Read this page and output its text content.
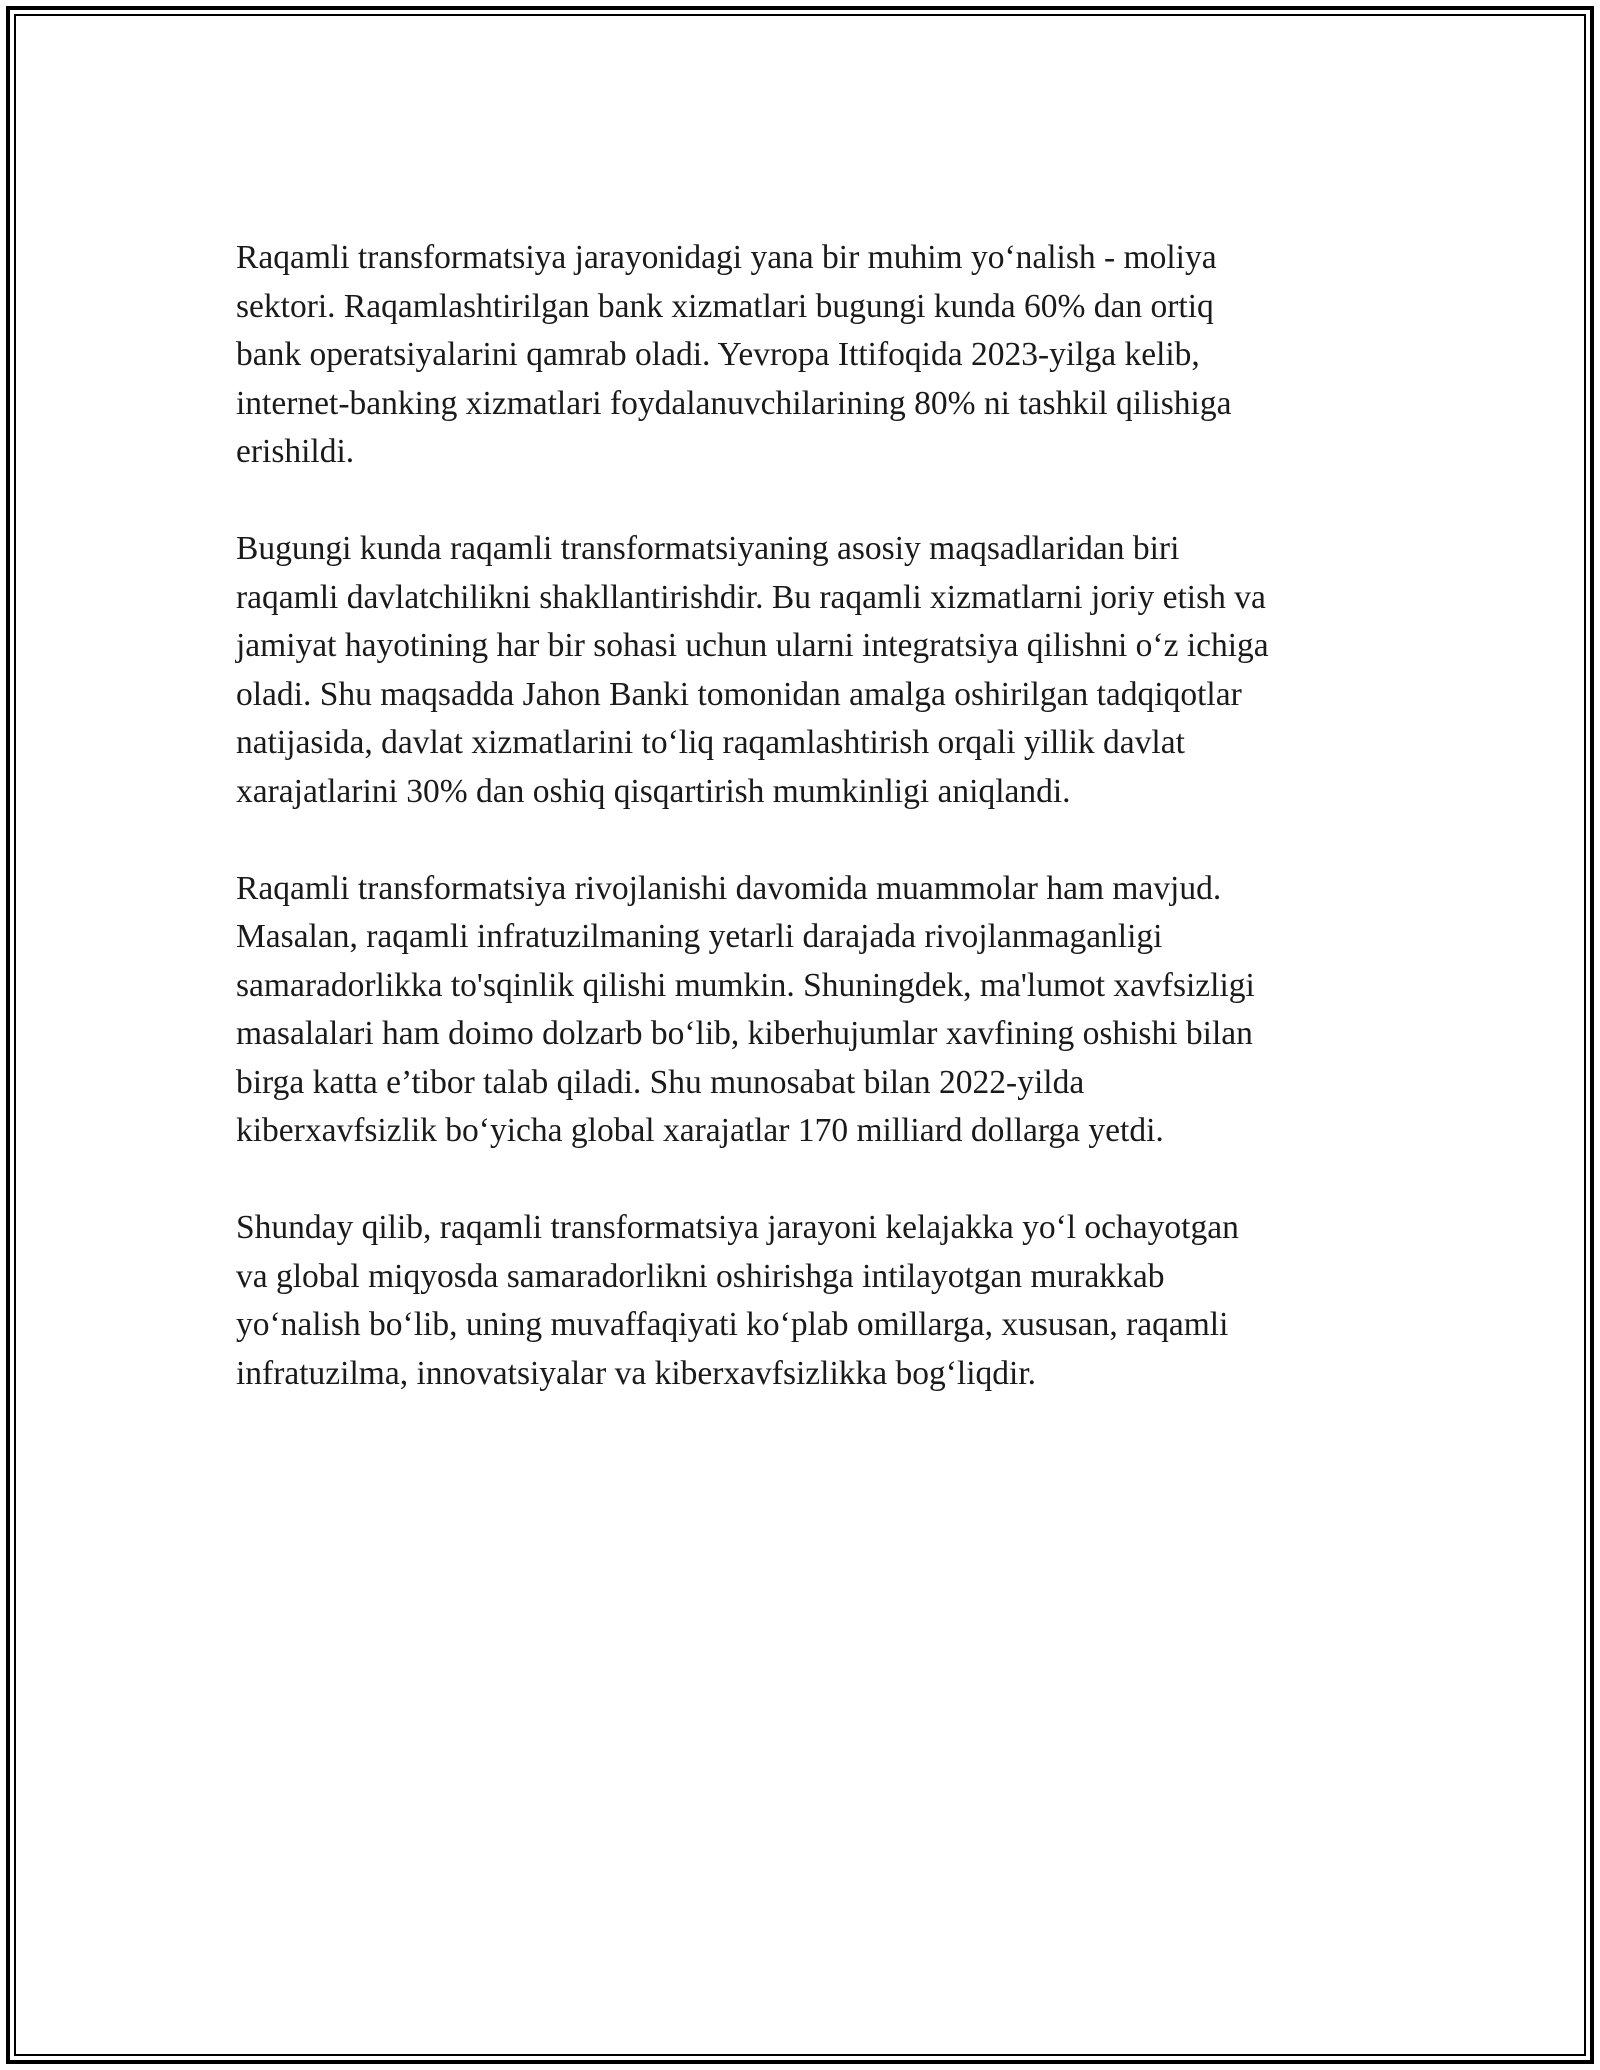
Raqamli transformatsiya jarayonidagi yana bir muhim yo‘nalish - moliya
sektori. Raqamlashtirilgan bank xizmatlari bugungi kunda 60% dan ortiq
bank operatsiyalarini qamrab oladi. Yevropa Ittifoqida 2023-yilga kelib,
internet-banking xizmatlari foydalanuvchilarining 80% ni tashkil qilishiga
erishildi.
Bugungi kunda raqamli transformatsiyaning asosiy maqsadlaridan biri
raqamli davlatchilikni shakllantirishdir. Bu raqamli xizmatlarni joriy etish va
jamiyat hayotining har bir sohasi uchun ularni integratsiya qilishni o‘z ichiga
oladi. Shu maqsadda Jahon Banki tomonidan amalga oshirilgan tadqiqotlar
natijasida, davlat xizmatlarini to‘liq raqamlashtirish orqali yillik davlat
xarajatlarini 30% dan oshiq qisqartirish mumkinligi aniqlandi.
Raqamli transformatsiya rivojlanishi davomida muammolar ham mavjud.
Masalan, raqamli infratuzilmaning yetarli darajada rivojlanmaganligi
samaradorlikka to'sqinlik qilishi mumkin. Shuningdek, ma'lumot xavfsizligi
masalalari ham doimo dolzarb bo‘lib, kiberhujumlar xavfining oshishi bilan
birga katta e’tibor talab qiladi. Shu munosabat bilan 2022-yilda
kiberxavfsizlik bo‘yicha global xarajatlar 170 milliard dollarga yetdi.
Shunday qilib, raqamli transformatsiya jarayoni kelajakka yo‘l ochayotgan
va global miqyosda samaradorlikni oshirishga intilayotgan murakkab
yo‘nalish bo‘lib, uning muvaffaqiyati ko‘plab omillarga, xususan, raqamli
infratuzilma, innovatsiyalar va kiberxavfsizlikka bog‘liqdir.
